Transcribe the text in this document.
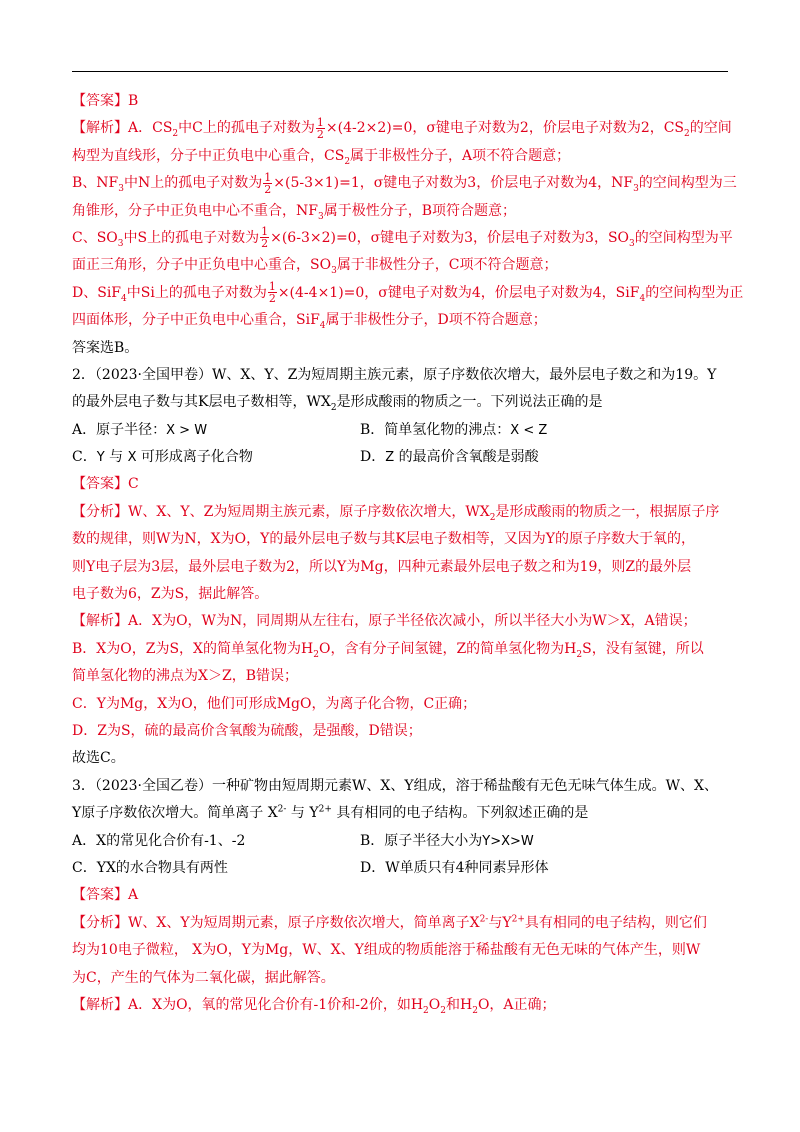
【答案】B
【解析】A．$CS_2$中C上的孤电子对数为 $\frac{1}{2} \times(4-2\times 2)=0$，σ键电子对数为2，价层电子对数为2，$CS_2$的空间
构型为直线形，分子中正负电中心重合，$CS_2$属于非极性分子，A项不符合题意；
B、$NF_3$中N上的孤电子对数为 $\frac{1}{2} \times(5-3\times 1)=1$，σ键电子对数为3，价层电子对数为4，$NF_3$的空间构型为三
角锥形，分子中正负电中心不重合，$NF_3$属于极性分子，B项符合题意；
C、$SO_3$中S上的孤电子对数为 $\frac{1}{2} \times(6-3\times 2)=0$，σ键电子对数为3，价层电子对数为3，$SO_3$的空间构型为平
面正三角形，分子中正负电中心重合，$SO_3$属于非极性分子，C项不符合题意；
D、SiF$_4$中Si上的孤电子对数为 $\frac{1}{2} \times(4-4\times 1)=0$，σ键电子对数为4，价层电子对数为4，SiF$_4$的空间构型为正
四面体形，分子中正负电中心重合，SiF$_4$属于非极性分子，D项不符合题意；
答案选B。
2．（2023·全国甲卷）W、X、Y、Z为短周期主族元素，原子序数依次增大，最外层电子数之和为19。Y
的最外层电子数与其K层电子数相等，$WX_2$是形成酸雨的物质之一。下列说法正确的是
A．原子半径：X > W	B．简单氢化物的沸点：X < Z
C．Y 与 X 可形成离子化合物	D．Z 的最高价含氧酸是弱酸
【答案】C
【分析】W、X、Y、Z为短周期主族元素，原子序数依次增大，$WX_2$是形成酸雨的物质之一，根据原子序
数的规律，则W为N，X为O，Y的最外层电子数与其K层电子数相等，又因为Y的原子序数大于氧的，
则Y电子层为3层，最外层电子数为2，所以Y为Mg，四种元素最外层电子数之和为19，则Z的最外层
电子数为6，Z为S，据此解答。
【解析】A．X为O，W为N，同周期从左往右，原子半径依次减小，所以半径大小为W＞X，A错误；
B．X为O，Z为S，X的简单氢化物为$H_2O$，含有分子间氢键，Z的简单氢化物为$H_2S$，没有氢键，所以
简单氢化物的沸点为X＞Z，B错误；
C．Y为Mg，X为O，他们可形成MgO，为离子化合物，C正确；
D．Z为S，硫的最高价含氧酸为硫酸，是强酸，D错误；
故选C。
3．（2023·全国乙卷）一种矿物由短周期元素W、X、Y组成，溶于稀盐酸有无色无味气体生成。W、X、
Y原子序数依次增大。简单离子 $X^{2-}$ 与 $Y^{2+}$ 具有相同的电子结构。下列叙述正确的是
A．X的常见化合价有-1、-2	B．原子半径大小为Y>X>W
C．YX的水合物具有两性	D．W单质只有4种同素异形体
【答案】A
【分析】W、X、Y为短周期元素，原子序数依次增大，简单离子$X^{2-}$与$Y^{2+}$具有相同的电子结构，则它们
均为10电子微粒， X为O，Y为Mg，W、X、Y组成的物质能溶于稀盐酸有无色无味的气体产生，则W
为C，产生的气体为二氧化碳，据此解答。
【解析】A．X为O，氧的常见化合价有-1价和-2价，如$H_2O_2$和$H_2O$，A正确；
